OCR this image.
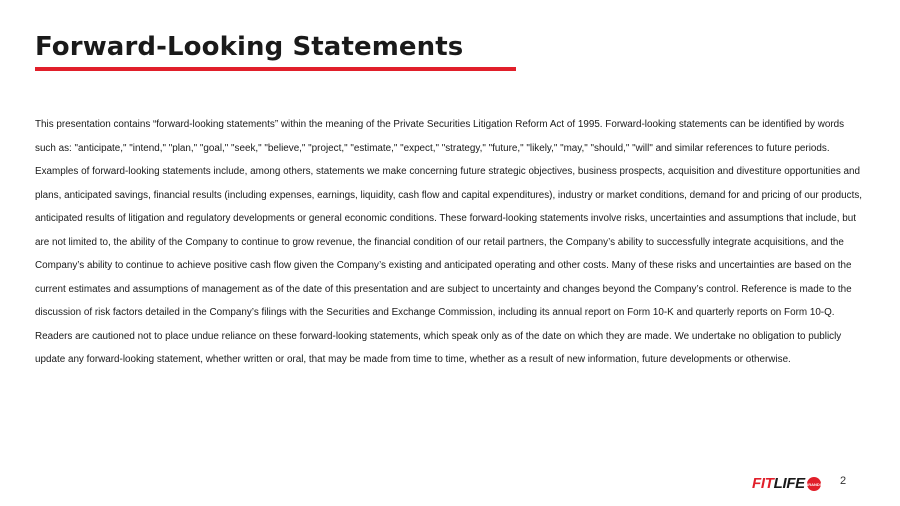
Forward-Looking Statements

This presentation contains “forward-looking statements” within the meaning of the Private Securities Litigation Reform Act of 1995. Forward-looking statements can be identified by words such as: "anticipate," "intend," "plan," "goal," "seek," "believe," "project," "estimate," "expect," "strategy," "future," "likely," "may," "should," "will" and similar references to future periods. Examples of forward-looking statements include, among others, statements we make concerning future strategic objectives, business prospects, acquisition and divestiture opportunities and plans, anticipated savings, financial results (including expenses, earnings, liquidity, cash flow and capital expenditures), industry or market conditions, demand for and pricing of our products, anticipated results of litigation and regulatory developments or general economic conditions. These forward-looking statements involve risks, uncertainties and assumptions that include, but are not limited to, the ability of the Company to continue to grow revenue, the financial condition of our retail partners, the Company’s ability to successfully integrate acquisitions, and the Company’s ability to continue to achieve positive cash flow given the Company’s existing and anticipated operating and other costs. Many of these risks and uncertainties are based on the current estimates and assumptions of management as of the date of this presentation and are subject to uncertainty and changes beyond the Company’s control. Reference is made to the discussion of risk factors detailed in the Company’s filings with the Securities and Exchange Commission, including its annual report on Form 10-K and quarterly reports on Form 10-Q. Readers are cautioned not to place undue reliance on these forward-looking statements, which speak only as of the date on which they are made. We undertake no obligation to publicly update any forward-looking statement, whether written or oral, that may be made from time to time, whether as a result of new information, future developments or otherwise.

FIT LIFE BRANDS 2
